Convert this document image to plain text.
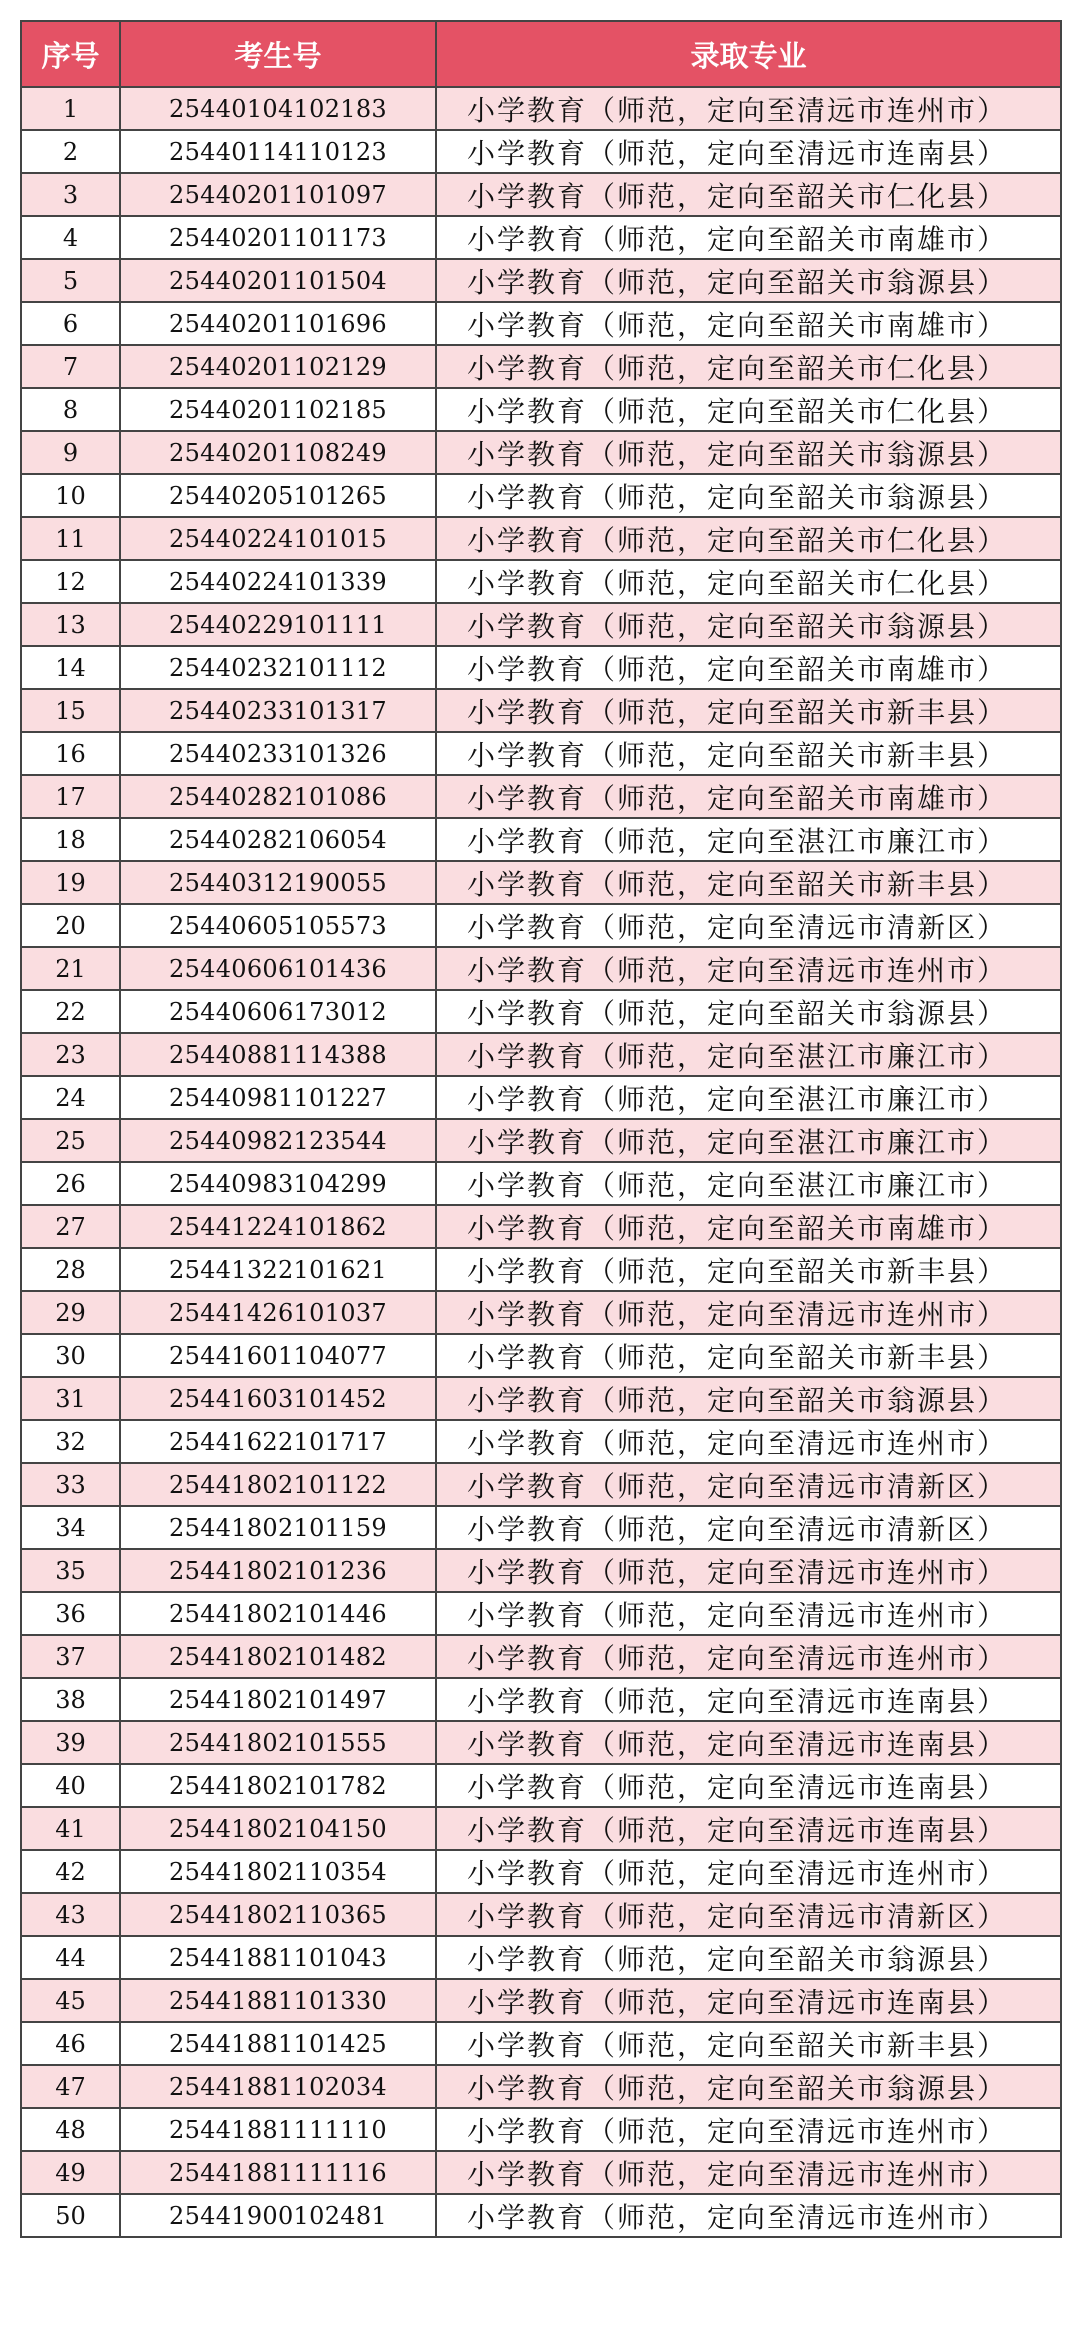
序号	考生号	录取专业
1	25440104102183	小学教育（师范，定向至清远市连州市）
2	25440114110123	小学教育（师范，定向至清远市连南县）
3	25440201101097	小学教育（师范，定向至韶关市仁化县）
4	25440201101173	小学教育（师范，定向至韶关市南雄市）
5	25440201101504	小学教育（师范，定向至韶关市翁源县）
6	25440201101696	小学教育（师范，定向至韶关市南雄市）
7	25440201102129	小学教育（师范，定向至韶关市仁化县）
8	25440201102185	小学教育（师范，定向至韶关市仁化县）
9	25440201108249	小学教育（师范，定向至韶关市翁源县）
10	25440205101265	小学教育（师范，定向至韶关市翁源县）
11	25440224101015	小学教育（师范，定向至韶关市仁化县）
12	25440224101339	小学教育（师范，定向至韶关市仁化县）
13	25440229101111	小学教育（师范，定向至韶关市翁源县）
14	25440232101112	小学教育（师范，定向至韶关市南雄市）
15	25440233101317	小学教育（师范，定向至韶关市新丰县）
16	25440233101326	小学教育（师范，定向至韶关市新丰县）
17	25440282101086	小学教育（师范，定向至韶关市南雄市）
18	25440282106054	小学教育（师范，定向至湛江市廉江市）
19	25440312190055	小学教育（师范，定向至韶关市新丰县）
20	25440605105573	小学教育（师范，定向至清远市清新区）
21	25440606101436	小学教育（师范，定向至清远市连州市）
22	25440606173012	小学教育（师范，定向至韶关市翁源县）
23	25440881114388	小学教育（师范，定向至湛江市廉江市）
24	25440981101227	小学教育（师范，定向至湛江市廉江市）
25	25440982123544	小学教育（师范，定向至湛江市廉江市）
26	25440983104299	小学教育（师范，定向至湛江市廉江市）
27	25441224101862	小学教育（师范，定向至韶关市南雄市）
28	25441322101621	小学教育（师范，定向至韶关市新丰县）
29	25441426101037	小学教育（师范，定向至清远市连州市）
30	25441601104077	小学教育（师范，定向至韶关市新丰县）
31	25441603101452	小学教育（师范，定向至韶关市翁源县）
32	25441622101717	小学教育（师范，定向至清远市连州市）
33	25441802101122	小学教育（师范，定向至清远市清新区）
34	25441802101159	小学教育（师范，定向至清远市清新区）
35	25441802101236	小学教育（师范，定向至清远市连州市）
36	25441802101446	小学教育（师范，定向至清远市连州市）
37	25441802101482	小学教育（师范，定向至清远市连州市）
38	25441802101497	小学教育（师范，定向至清远市连南县）
39	25441802101555	小学教育（师范，定向至清远市连南县）
40	25441802101782	小学教育（师范，定向至清远市连南县）
41	25441802104150	小学教育（师范，定向至清远市连南县）
42	25441802110354	小学教育（师范，定向至清远市连州市）
43	25441802110365	小学教育（师范，定向至清远市清新区）
44	25441881101043	小学教育（师范，定向至韶关市翁源县）
45	25441881101330	小学教育（师范，定向至清远市连南县）
46	25441881101425	小学教育（师范，定向至韶关市新丰县）
47	25441881102034	小学教育（师范，定向至韶关市翁源县）
48	25441881111110	小学教育（师范，定向至清远市连州市）
49	25441881111116	小学教育（师范，定向至清远市连州市）
50	25441900102481	小学教育（师范，定向至清远市连州市）
